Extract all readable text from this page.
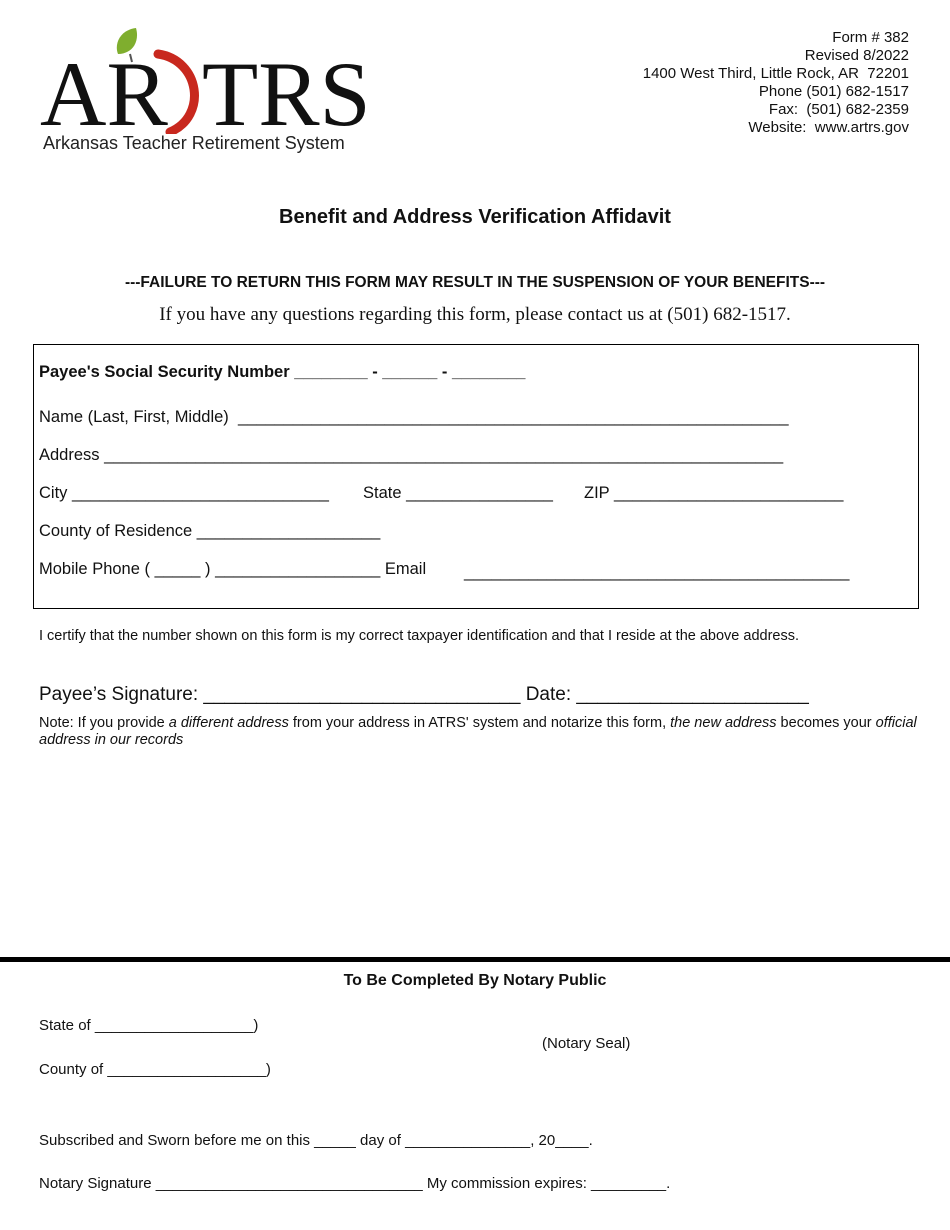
AR TRS
Arkansas Teacher Retirement System
Form # 382
Revised 8/2022
1400 West Third, Little Rock, AR  72201
Phone (501) 682-1517
Fax:  (501) 682-2359
Website:  www.artrs.gov
Benefit and Address Verification Affidavit
---FAILURE TO RETURN THIS FORM MAY RESULT IN THE SUSPENSION OF YOUR BENEFITS---
If you have any questions regarding this form, please contact us at (501) 682-1517.
Payee's Social Security Number ________ - ______ - ________
Name (Last, First, Middle)  ____________________________________________________________
Address __________________________________________________________________________
City ____________________________ State ________________ ZIP _________________________
County of Residence ____________________
Mobile Phone ( _____ ) __________________ Email __________________________________________
I certify that the number shown on this form is my correct taxpayer identification and that I reside at the above address.
Payee’s Signature: ______________________________ Date: ______________________
Note: If you provide a different address from your address in ATRS' system and notarize this form, the new address becomes your official address in our records
To Be Completed By Notary Public
State of ___________________)
County of ___________________)
(Notary Seal)
Subscribed and Sworn before me on this _____ day of _______________, 20____.
Notary Signature ________________________________ My commission expires: _________.
